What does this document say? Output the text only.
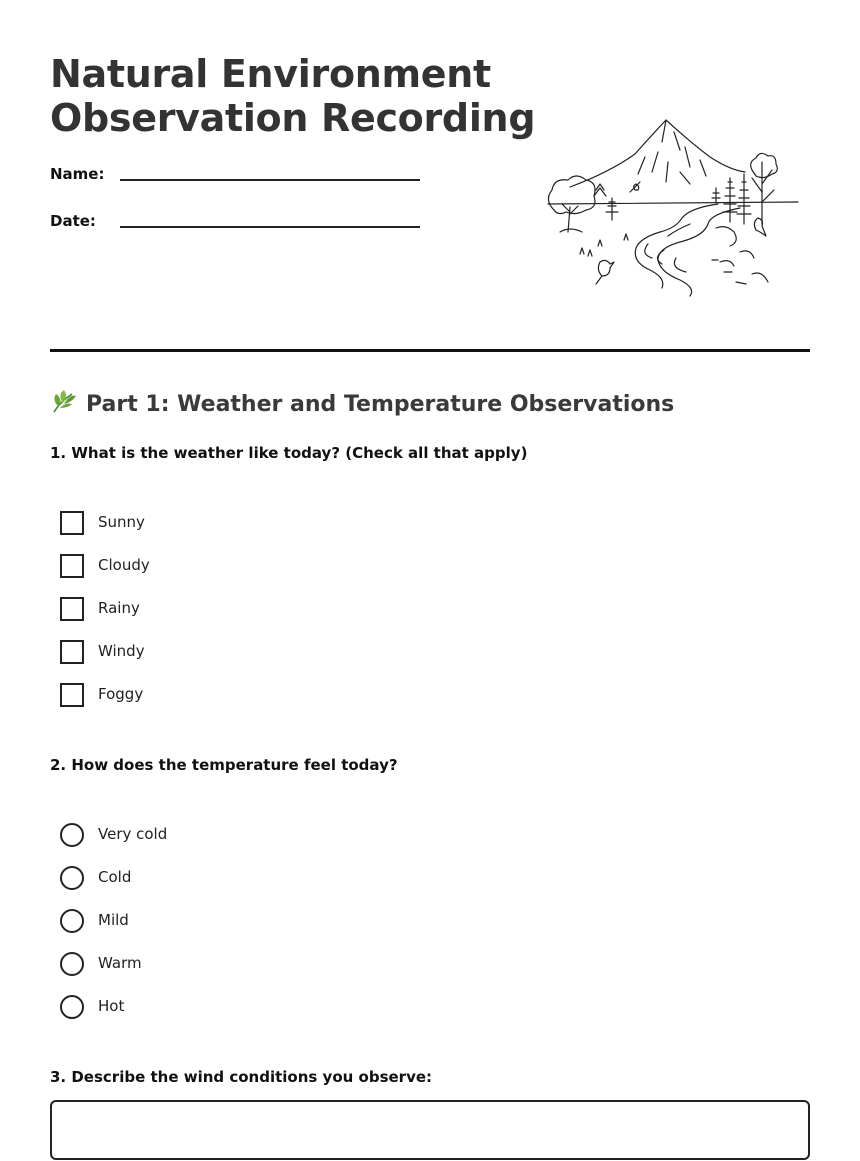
Natural Environment
Observation Recording
Name:
Date:
Part 1: Weather and Temperature Observations

1. What is the weather like today? (Check all that apply)

Sunny
Cloudy
Rainy
Windy
Foggy

2. How does the temperature feel today?

Very cold
Cold
Mild
Warm
Hot

3. Describe the wind conditions you observe:
